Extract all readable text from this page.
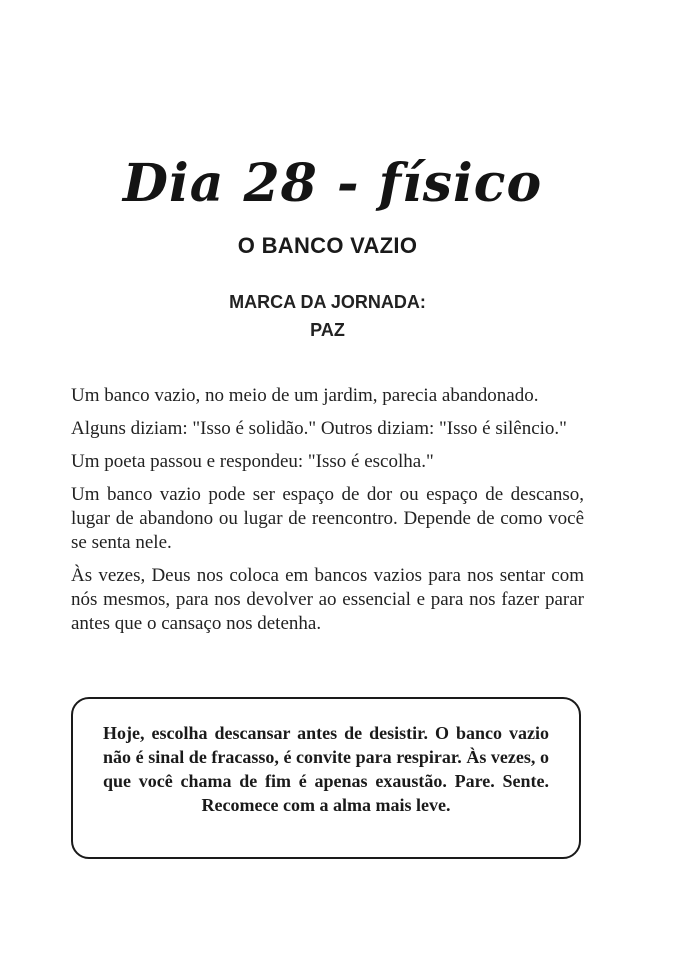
Dia 28 - físico
O BANCO VAZIO
MARCA DA JORNADA:
PAZ

Um banco vazio, no meio de um jardim, parecia abandonado.

Alguns diziam: "Isso é solidão." Outros diziam: "Isso é silêncio."

Um poeta passou e respondeu: "Isso é escolha."

Um banco vazio pode ser espaço de dor ou espaço de descanso, lugar de abandono ou lugar de reencontro. Depende de como você se senta nele.

Às vezes, Deus nos coloca em bancos vazios para nos sentar com nós mesmos, para nos devolver ao essencial e para nos fazer parar antes que o cansaço nos detenha.

Hoje, escolha descansar antes de desistir. O banco vazio não é sinal de fracasso, é convite para respirar. Às vezes, o que você chama de fim é apenas exaustão. Pare. Sente. Recomece com a alma mais leve.
